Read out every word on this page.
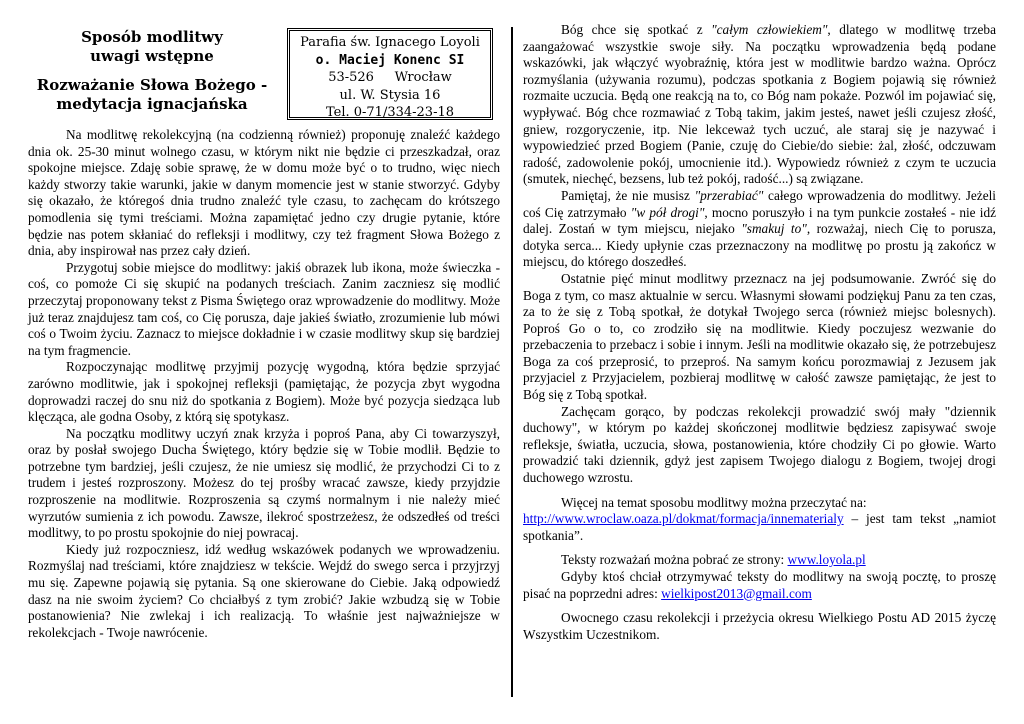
Sposób modlitwy
uwagi wstępne
Rozważanie Słowa Bożego -
medytacja ignacjańska
Parafia św. Ignacego Loyoli
o. Maciej Konenc SI
53-526 Wrocław
ul. W. Stysia 16
Tel. 0-71/334-23-18

Na modlitwę rekolekcyjną (na codzienną również) proponuję znaleźć każdego dnia ok. 25-30 minut wolnego czasu, w którym nikt nie będzie ci przeszkadzał, oraz spokojne miejsce. Zdaję sobie sprawę, że w domu może być o to trudno, więc niech każdy stworzy takie warunki, jakie w danym momencie jest w stanie stworzyć. Gdyby się okazało, że któregoś dnia trudno znaleźć tyle czasu, to zachęcam do krótszego pomodlenia się tymi treściami. Można zapamiętać jedno czy drugie pytanie, które będzie nas potem skłaniać do refleksji i modlitwy, czy też fragment Słowa Bożego z dnia, aby inspirował nas przez cały dzień.

Przygotuj sobie miejsce do modlitwy: jakiś obrazek lub ikona, może świeczka - coś, co pomoże Ci się skupić na podanych treściach. Zanim zaczniesz się modlić przeczytaj proponowany tekst z Pisma Świętego oraz wprowadzenie do modlitwy. Może już teraz znajdujesz tam coś, co Cię porusza, daje jakieś światło, zrozumienie lub mówi coś o Twoim życiu. Zaznacz to miejsce dokładnie i w czasie modlitwy skup się bardziej na tym fragmencie.

Rozpoczynając modlitwę przyjmij pozycję wygodną, która będzie sprzyjać zarówno modlitwie, jak i spokojnej refleksji (pamiętając, że pozycja zbyt wygodna doprowadzi raczej do snu niż do spotkania z Bogiem). Może być pozycja siedząca lub klęcząca, ale godna Osoby, z którą się spotykasz.

Na początku modlitwy uczyń znak krzyża i poproś Pana, aby Ci towarzyszył, oraz by posłał swojego Ducha Świętego, który będzie się w Tobie modlił. Będzie to potrzebne tym bardziej, jeśli czujesz, że nie umiesz się modlić, że przychodzi Ci to z trudem i jesteś rozproszony. Możesz do tej prośby wracać zawsze, kiedy przyjdzie rozproszenie na modlitwie. Rozproszenia są czymś normalnym i nie należy mieć wyrzutów sumienia z ich powodu. Zawsze, ilekroć spostrzeżesz, że odszedłeś od treści modlitwy, to po prostu spokojnie do niej powracaj.

Kiedy już rozpoczniesz, idź według wskazówek podanych we wprowadzeniu. Rozmyślaj nad treściami, które znajdziesz w tekście. Wejdź do swego serca i przyjrzyj mu się. Zapewne pojawią się pytania. Są one skierowane do Ciebie. Jaką odpowiedź dasz na nie swoim życiem? Co chciałbyś z tym zrobić? Jakie wzbudzą się w Tobie postanowienia? Nie zwlekaj i ich realizacją. To właśnie jest najważniejsze w rekolekcjach - Twoje nawrócenie.

Bóg chce się spotkać z "całym człowiekiem", dlatego w modlitwę trzeba zaangażować wszystkie swoje siły. Na początku wprowadzenia będą podane wskazówki, jak włączyć wyobraźnię, która jest w modlitwie bardzo ważna. Oprócz rozmyślania (używania rozumu), podczas spotkania z Bogiem pojawią się również rozmaite uczucia. Będą one reakcją na to, co Bóg nam pokaże. Pozwól im pojawiać się, wypływać. Bóg chce rozmawiać z Tobą takim, jakim jesteś, nawet jeśli czujesz złość, gniew, rozgoryczenie, itp. Nie lekceważ tych uczuć, ale staraj się je nazywać i wypowiedzieć przed Bogiem (Panie, czuję do Ciebie/do siebie: żal, złość, odczuwam radość, zadowolenie pokój, umocnienie itd.). Wypowiedz również z czym te uczucia (smutek, niechęć, bezsens, lub też pokój, radość...) są związane.

Pamiętaj, że nie musisz "przerabiać" całego wprowadzenia do modlitwy. Jeżeli coś Cię zatrzymało "w pół drogi", mocno poruszyło i na tym punkcie zostałeś - nie idź dalej. Zostań w tym miejscu, niejako "smakuj to", rozważaj, niech Cię to porusza, dotyka serca... Kiedy upłynie czas przeznaczony na modlitwę po prostu ją zakończ w miejscu, do którego doszedłeś.

Ostatnie pięć minut modlitwy przeznacz na jej podsumowanie. Zwróć się do Boga z tym, co masz aktualnie w sercu. Własnymi słowami podziękuj Panu za ten czas, za to że się z Tobą spotkał, że dotykał Twojego serca (również miejsc bolesnych). Poproś Go o to, co zrodziło się na modlitwie. Kiedy poczujesz wezwanie do przebaczenia to przebacz i sobie i innym. Jeśli na modlitwie okazało się, że potrzebujesz Boga za coś przeprosić, to przeproś. Na samym końcu porozmawiaj z Jezusem jak przyjaciel z Przyjacielem, pozbieraj modlitwę w całość zawsze pamiętając, że jest to Bóg się z Tobą spotkał.

Zachęcam gorąco, by podczas rekolekcji prowadzić swój mały "dziennik duchowy", w którym po każdej skończonej modlitwie będziesz zapisywać swoje refleksje, światła, uczucia, słowa, postanowienia, które chodziły Ci po głowie. Warto prowadzić taki dziennik, gdyż jest zapisem Twojego dialogu z Bogiem, twojej drogi duchowego wzrostu.

Więcej na temat sposobu modlitwy można przeczytać na:
http://www.wroclaw.oaza.pl/dokmat/formacja/innematerialy – jest tam tekst „namiot spotkania”.

Teksty rozważań można pobrać ze strony: www.loyola.pl

Gdyby ktoś chciał otrzymywać teksty do modlitwy na swoją pocztę, to proszę pisać na poprzedni adres: wielkipost2013@gmail.com

Owocnego czasu rekolekcji i przeżycia okresu Wielkiego Postu AD 2015 życzę Wszystkim Uczestnikom.
